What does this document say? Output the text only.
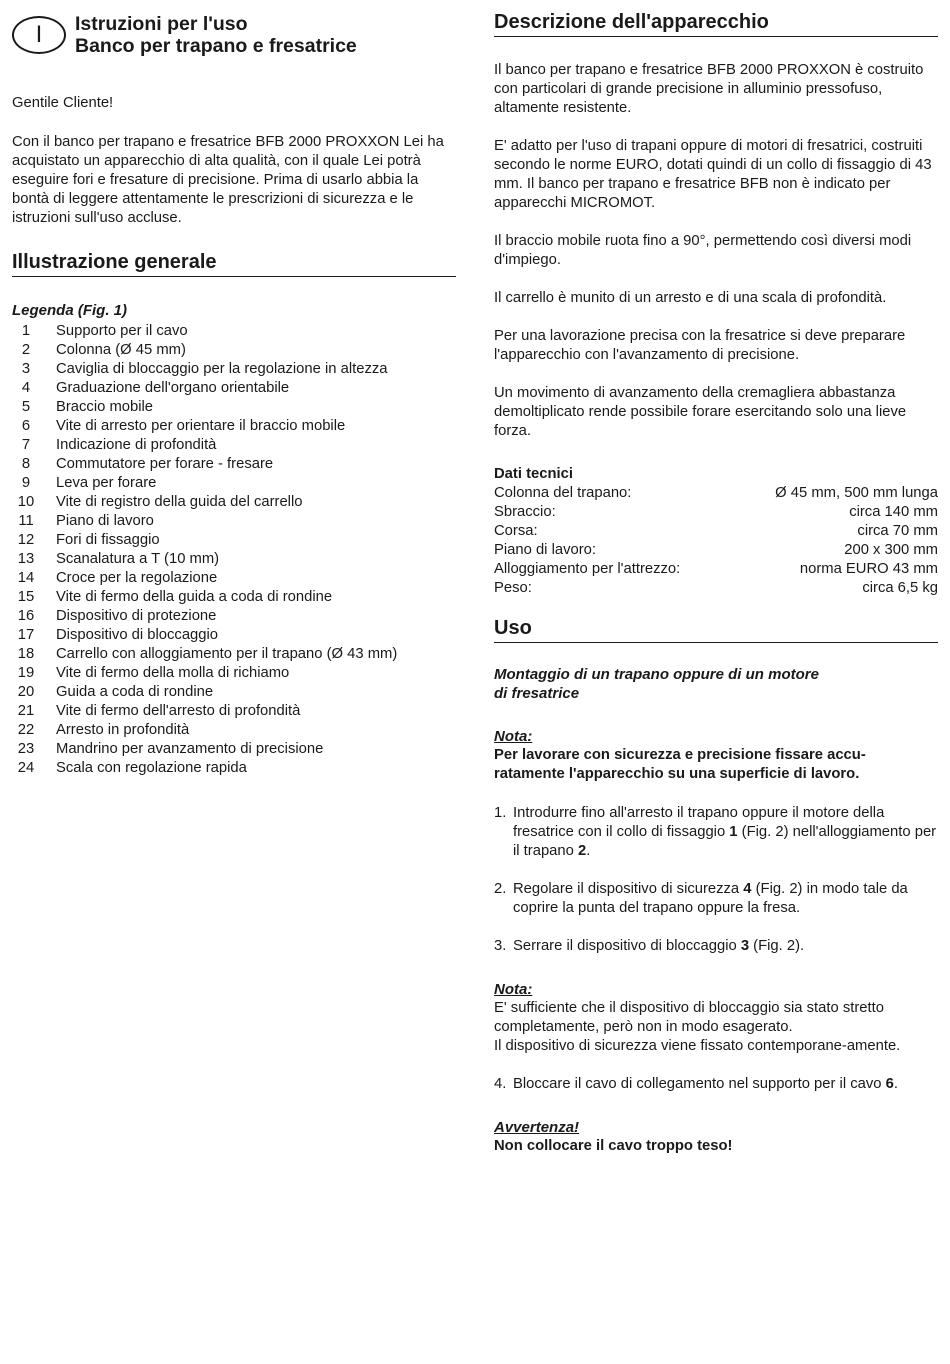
I	Istruzioni per l'uso
Banco per trapano e fresatrice

Gentile Cliente!

Con il banco per trapano e fresatrice BFB 2000 PROXXON Lei ha acquistato un apparecchio di alta qualità, con il quale Lei potrà eseguire fori e fresature di precisione. Prima di usarlo abbia la bontà di leggere attentamente le prescrizioni di sicurezza e le istruzioni sull'uso accluse.

Illustrazione generale
Legenda (Fig. 1)
1	Supporto per il cavo
2	Colonna (Ø 45 mm)
3	Caviglia di bloccaggio per la regolazione in altezza
4	Graduazione dell'organo orientabile
5	Braccio mobile
6	Vite di arresto per orientare il braccio mobile
7	Indicazione di profondità
8	Commutatore per forare - fresare
9	Leva per forare
10	Vite di registro della guida del carrello
11	Piano di lavoro
12	Fori di fissaggio
13	Scanalatura a T (10 mm)
14	Croce per la regolazione
15	Vite di fermo della guida a coda di rondine
16	Dispositivo di protezione
17	Dispositivo di bloccaggio
18	Carrello con alloggiamento per il trapano (Ø 43 mm)
19	Vite di fermo della molla di richiamo
20	Guida a coda di rondine
21	Vite di fermo dell'arresto di profondità
22	Arresto in profondità
23	Mandrino per avanzamento di precisione
24	Scala con regolazione rapida
Descrizione dell'apparecchio

Il banco per trapano e fresatrice BFB 2000 PROXXON è costruito con particolari di grande precisione in alluminio pressofuso, altamente resistente.

E' adatto per l'uso di trapani oppure di motori di fresatrici, costruiti secondo le norme EURO, dotati quindi di un collo di fissaggio di 43 mm. Il banco per trapano e fresatrice BFB non è indicato per apparecchi MICROMOT.

Il braccio mobile ruota fino a 90°, permettendo così diversi modi d'impiego.

Il carrello è munito di un arresto e di una scala di profondità.

Per una lavorazione precisa con la fresatrice si deve preparare l'apparecchio con l'avanzamento di precisione.

Un movimento di avanzamento della cremagliera abbastanza demoltiplicato rende possibile forare esercitando solo una lieve forza.

Dati tecnici
Colonna del trapano:	Ø 45 mm, 500 mm lunga
Sbraccio:	circa 140 mm
Corsa:	circa 70 mm
Piano di lavoro:	200 x 300 mm
Alloggiamento per l'attrezzo:	norma EURO 43 mm
Peso:	circa 6,5 kg
Uso
Montaggio di un trapano oppure di un motore
di fresatrice
Nota:

Per lavorare con sicurezza e precisione fissare accu-
ratamente l'apparecchio su una superficie di lavoro.

1. Introdurre fino all'arresto il trapano oppure il motore della fresatrice con il collo di fissaggio 1 (Fig. 2) nell'alloggiamento per il trapano 2.
2. Regolare il dispositivo di sicurezza 4 (Fig. 2) in modo tale da coprire la punta del trapano oppure la fresa.
3. Serrare il dispositivo di bloccaggio 3 (Fig. 2).
Nota:

E' sufficiente che il dispositivo di bloccaggio sia stato stretto completamente, però non in modo esagerato.
Il dispositivo di sicurezza viene fissato contemporane-amente.

4. Bloccare il cavo di collegamento nel supporto per il cavo 6.
Avvertenza!

Non collocare il cavo troppo teso!
